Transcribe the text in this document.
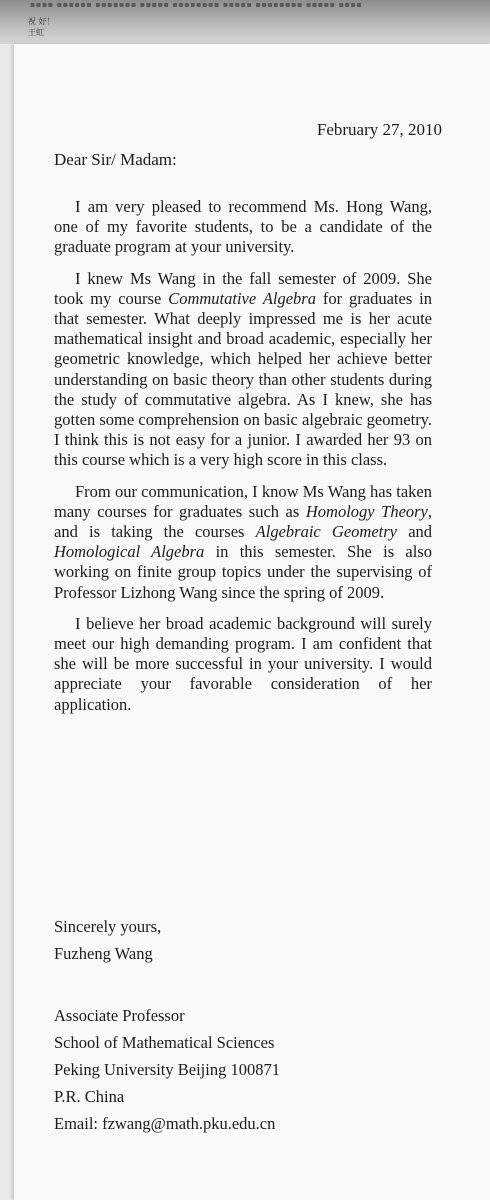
▪▪▪▪ ▪▪▪▪▪▪ ▪▪▪▪▪▪▪ ▪▪▪▪▪ ▪▪▪▪▪▪▪▪ ▪▪▪▪▪ ▪▪▪▪▪▪▪▪ ▪▪▪▪▪ ▪▪▪▪
祝 好！
王虹
February 27, 2010
Dear Sir/ Madam:

I am very pleased to recommend Ms. Hong Wang, one of my favorite students, to be a candidate of the graduate program at your university.

I knew Ms Wang in the fall semester of 2009. She took my course Commutative Algebra for graduates in that semester. What deeply impressed me is her acute mathematical insight and broad academic, especially her geometric knowledge, which helped her achieve better understanding on basic theory than other students during the study of commutative algebra. As I knew, she has gotten some comprehension on basic algebraic geometry. I think this is not easy for a junior. I awarded her 93 on this course which is a very high score in this class.

From our communication, I know Ms Wang has taken many courses for graduates such as Homology Theory, and is taking the courses Algebraic Geometry and Homological Algebra in this semester. She is also working on finite group topics under the supervising of Professor Lizhong Wang since the spring of 2009.

I believe her broad academic background will surely meet our high demanding program. I am confident that she will be more successful in your university. I would appreciate your favorable consideration of her application.

Sincerely yours,
Fuzheng Wang
Associate Professor
School of Mathematical Sciences
Peking University Beijing 100871
P.R. China
Email: fzwang@math.pku.edu.cn
